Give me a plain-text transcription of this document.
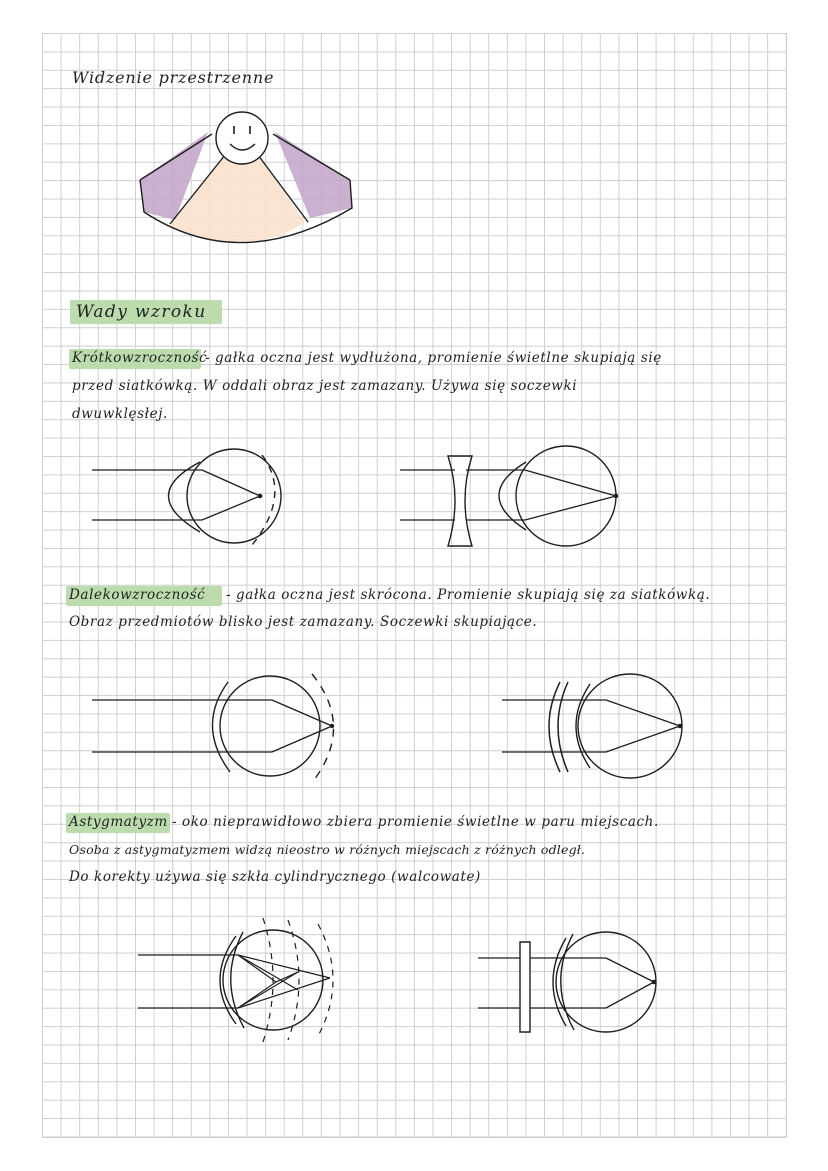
Widzenie przestrzenne
Wady wzroku
Krótkowzroczność
- gałka oczna jest wydłużona, promienie świetlne skupiają się
przed siatkówką. W oddali obraz jest zamazany. Używa się soczewki
dwuwklęsłej.
Dalekowzroczność - gałka oczna jest skrócona. Promienie skupiają się za siatkówką.
Obraz przedmiotów blisko jest zamazany. Soczewki skupiające.
Astygmatyzm - oko nieprawidłowo zbiera promienie świetlne w paru miejscach.
Osoba z astygmatyzmem widzą nieostro w różnych miejscach z różnych odległ.
Do korekty używa się szkła cylindrycznego (walcowate)
